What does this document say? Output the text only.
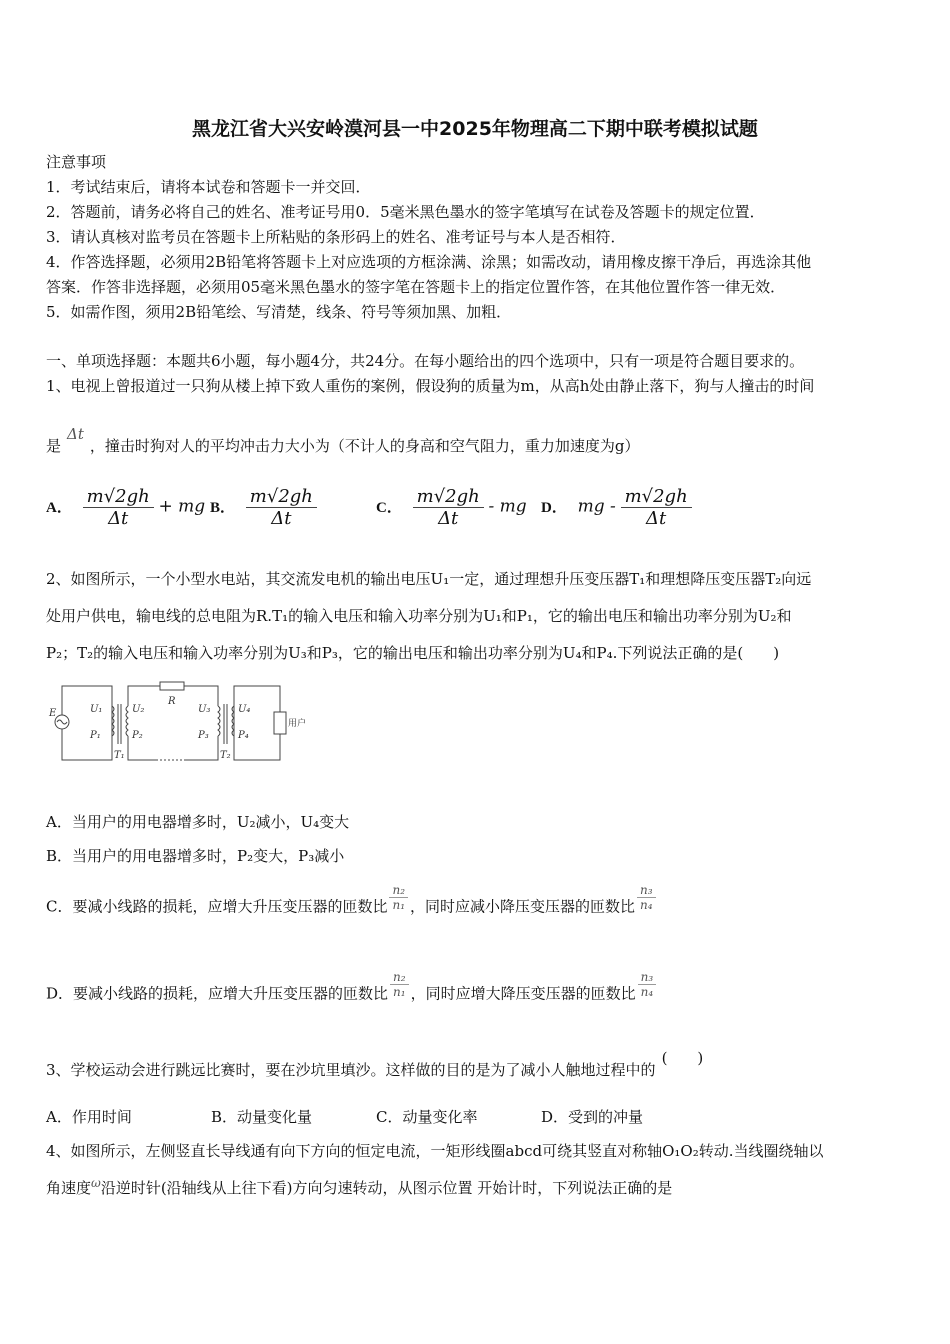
黑龙江省大兴安岭漠河县一中2025年物理高二下期中联考模拟试题
注意事项
1．考试结束后，请将本试卷和答题卡一并交回．
2．答题前，请务必将自己的姓名、准考证号用0．5毫米黑色墨水的签字笔填写在试卷及答题卡的规定位置．
3．请认真核对监考员在答题卡上所粘贴的条形码上的姓名、准考证号与本人是否相符．
4．作答选择题，必须用2B铅笔将答题卡上对应选项的方框涂满、涂黑；如需改动，请用橡皮擦干净后，再选涂其他
答案．作答非选择题，必须用05毫米黑色墨水的签字笔在答题卡上的指定位置作答，在其他位置作答一律无效．
5．如需作图，须用2B铅笔绘、写清楚，线条、符号等须加黑、加粗．
一、单项选择题：本题共6小题，每小题4分，共24分。在每小题给出的四个选项中，只有一项是符合题目要求的。
1、电视上曾报道过一只狗从楼上掉下致人重伤的案例，假设狗的质量为m，从高h处由静止落下，狗与人撞击的时间
是Δt，撞击时狗对人的平均冲击力大小为（不计人的身高和空气阻力，重力加速度为g）
A． $\frac{m√2gh}{\Delta t}$ + mg B． $\frac{m√2gh}{\Delta t}$	C． $\frac{m√2gh}{\Delta t}$ - mg D． mg - $\frac{m√2gh}{\Delta t}$
2、如图所示，一个小型水电站，其交流发电机的输出电压U₁一定，通过理想升压变压器T₁和理想降压变压器T₂向远
处用户供电，输电线的总电阻为R.T₁的输入电压和输入功率分别为U₁和P₁，它的输出电压和输出功率分别为U₂和
P₂；T₂的输入电压和输入功率分别为U₃和P₃，它的输出电压和输出功率分别为U₄和P₄.下列说法正确的是(　　)
E	U₁
P₁
U₂
P₂
R
U₃
P₃
U₄
P₄
T₁	T₂
用户
A．当用户的用电器增多时，U₂减小，U₄变大
B．当用户的用电器增多时，P₂变大，P₃减小
C．要减小线路的损耗，应增大升压变压器的匝数比 $\frac{\text{n₂}}{\text{n₁}}$ ，同时应减小降压变压器的匝数比 $\frac{\text{n₃}}{\text{n₄}}$
D．要减小线路的损耗，应增大升压变压器的匝数比 $\frac{\text{n₂}}{\text{n₁}}$ ，同时应增大降压变压器的匝数比 $\frac{\text{n₃}}{\text{n₄}}$
3、学校运动会进行跳远比赛时，要在沙坑里填沙。这样做的目的是为了减小人触地过程中的(　　)
A．作用时间	B．动量变化量	C．动量变化率	D．受到的冲量
4、如图所示，左侧竖直长导线通有向下方向的恒定电流，一矩形线圈abcd可绕其竖直对称轴O₁O₂转动.当线圈绕轴以
角速度$^\omega$沿逆时针(沿轴线从上往下看)方向匀速转动，从图示位置 开始计时，下列说法正确的是
